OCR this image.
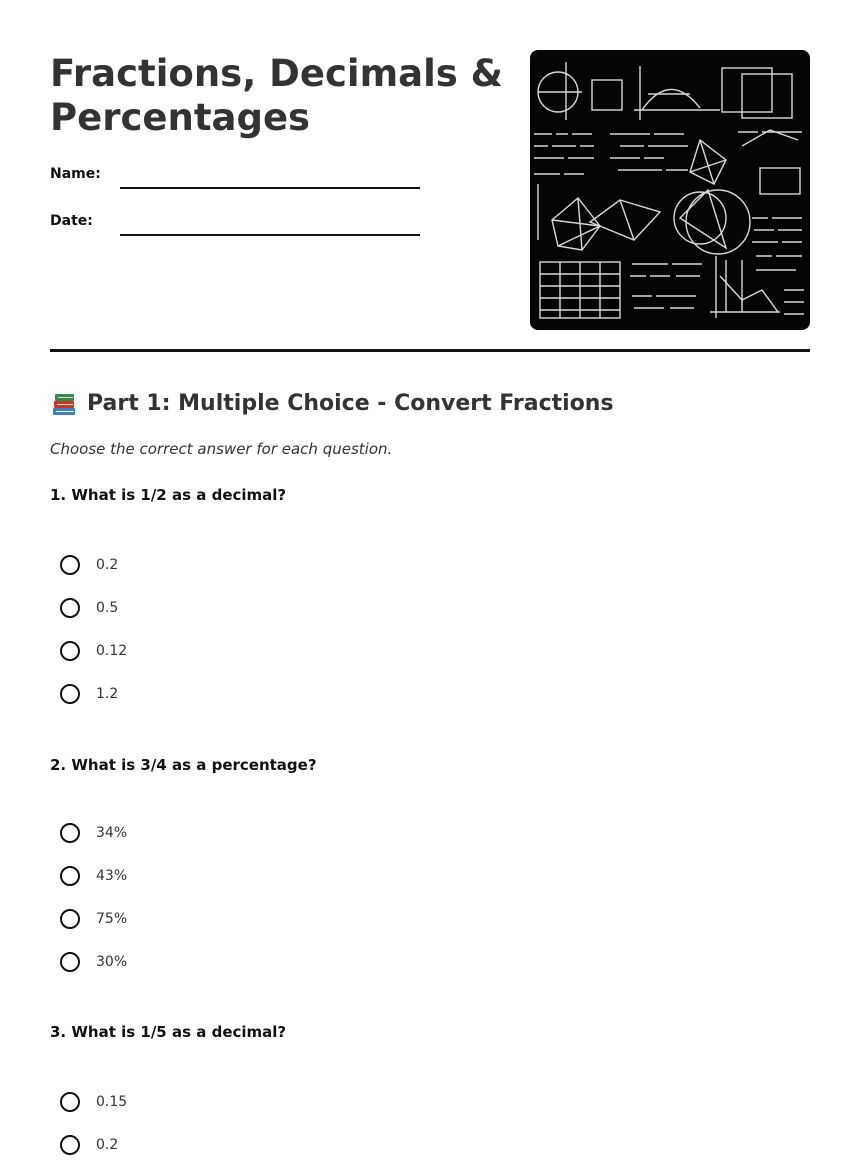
Fractions, Decimals &
Percentages
Name:
Date:
Part 1: Multiple Choice - Convert Fractions

Choose the correct answer for each question.

1. What is 1/2 as a decimal?

0.2
0.5
0.12
1.2

2. What is 3/4 as a percentage?

34%
43%
75%
30%

3. What is 1/5 as a decimal?

0.15
0.2
